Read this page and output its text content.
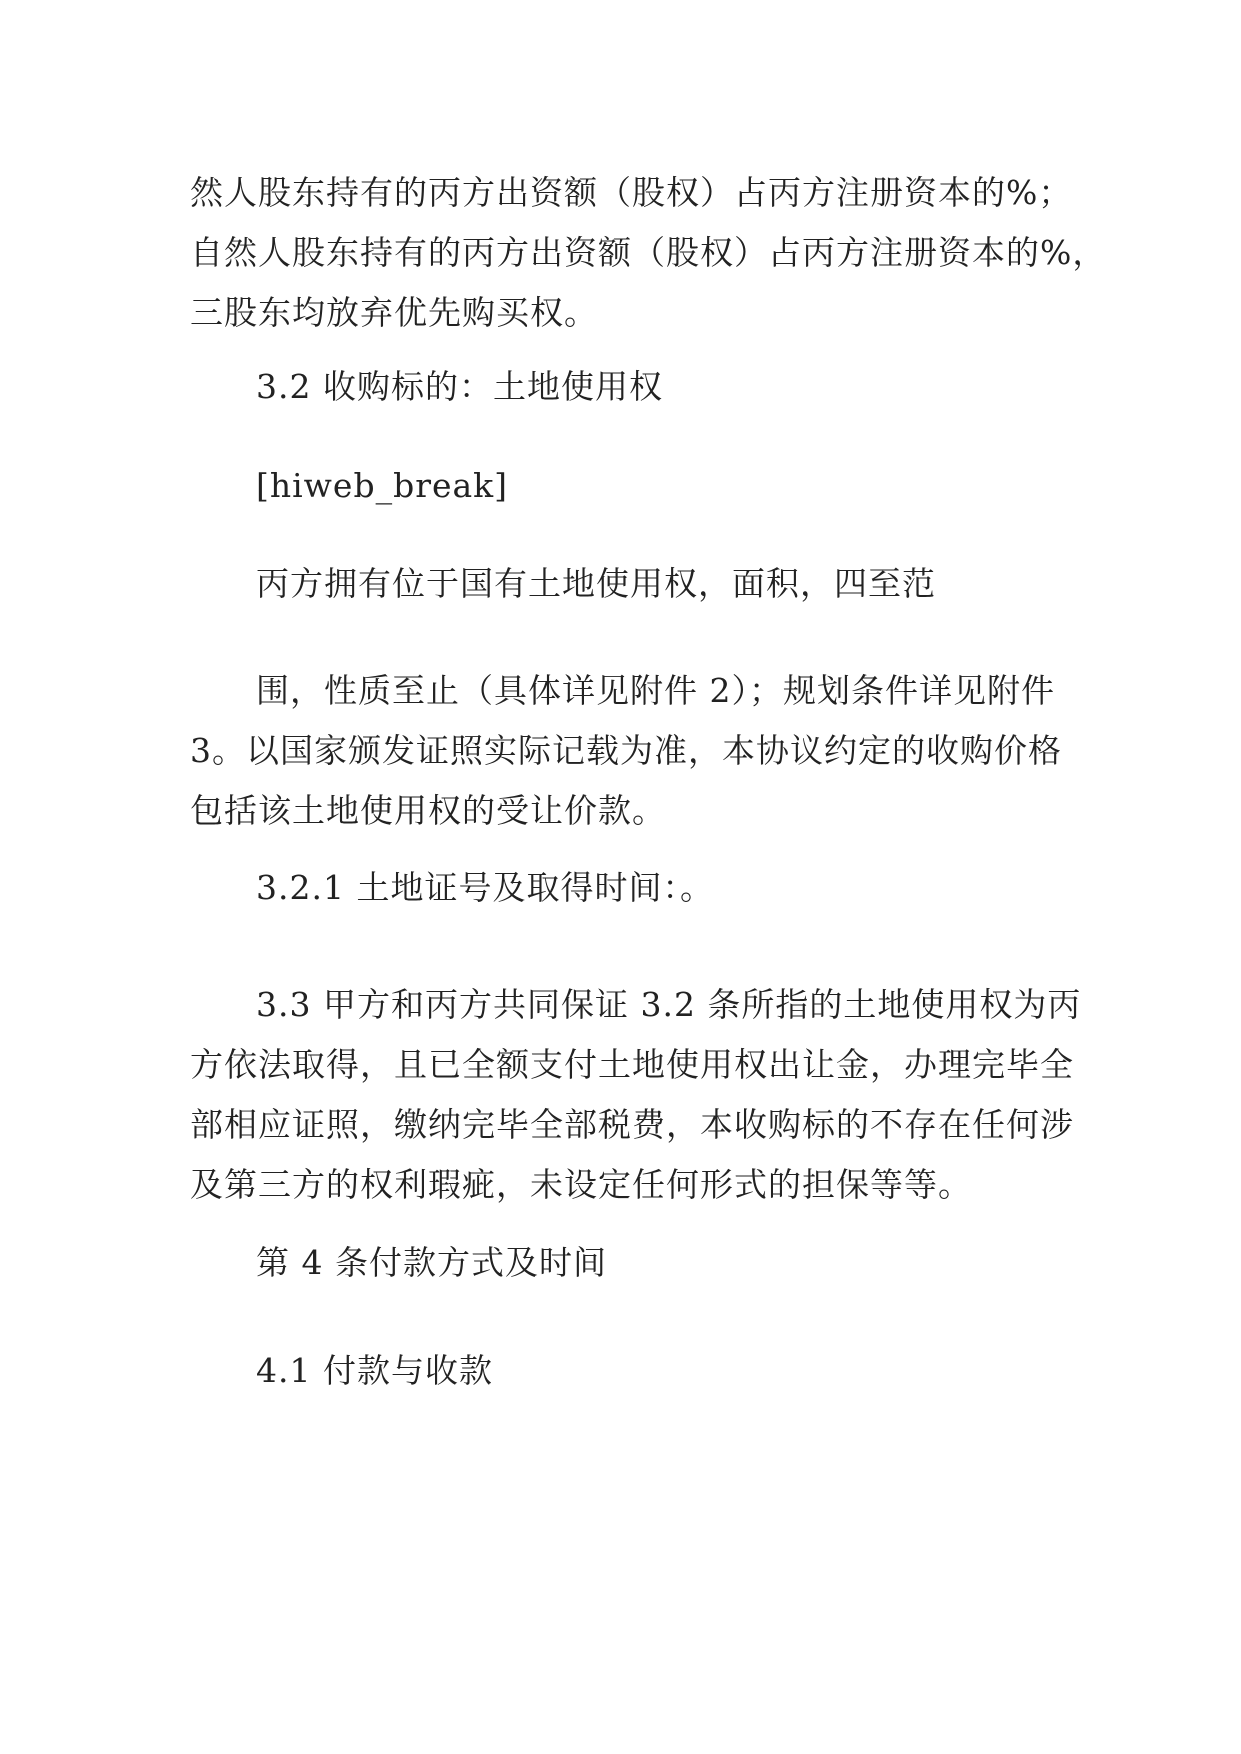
然人股东持有的丙方出资额（股权）占丙方注册资本的%；
自然人股东持有的丙方出资额（股权）占丙方注册资本的%，
三股东均放弃优先购买权。
3.2 收购标的：土地使用权
[hiweb_break]
丙方拥有位于国有土地使用权，面积，四至范
围，性质至止（具体详见附件 2）；规划条件详见附件
3。以国家颁发证照实际记载为准，本协议约定的收购价格
包括该土地使用权的受让价款。
3.2.1 土地证号及取得时间：。
3.3 甲方和丙方共同保证 3.2 条所指的土地使用权为丙
方依法取得，且已全额支付土地使用权出让金，办理完毕全
部相应证照，缴纳完毕全部税费，本收购标的不存在任何涉
及第三方的权利瑕疵，未设定任何形式的担保等等。
第 4 条付款方式及时间
4.1 付款与收款
